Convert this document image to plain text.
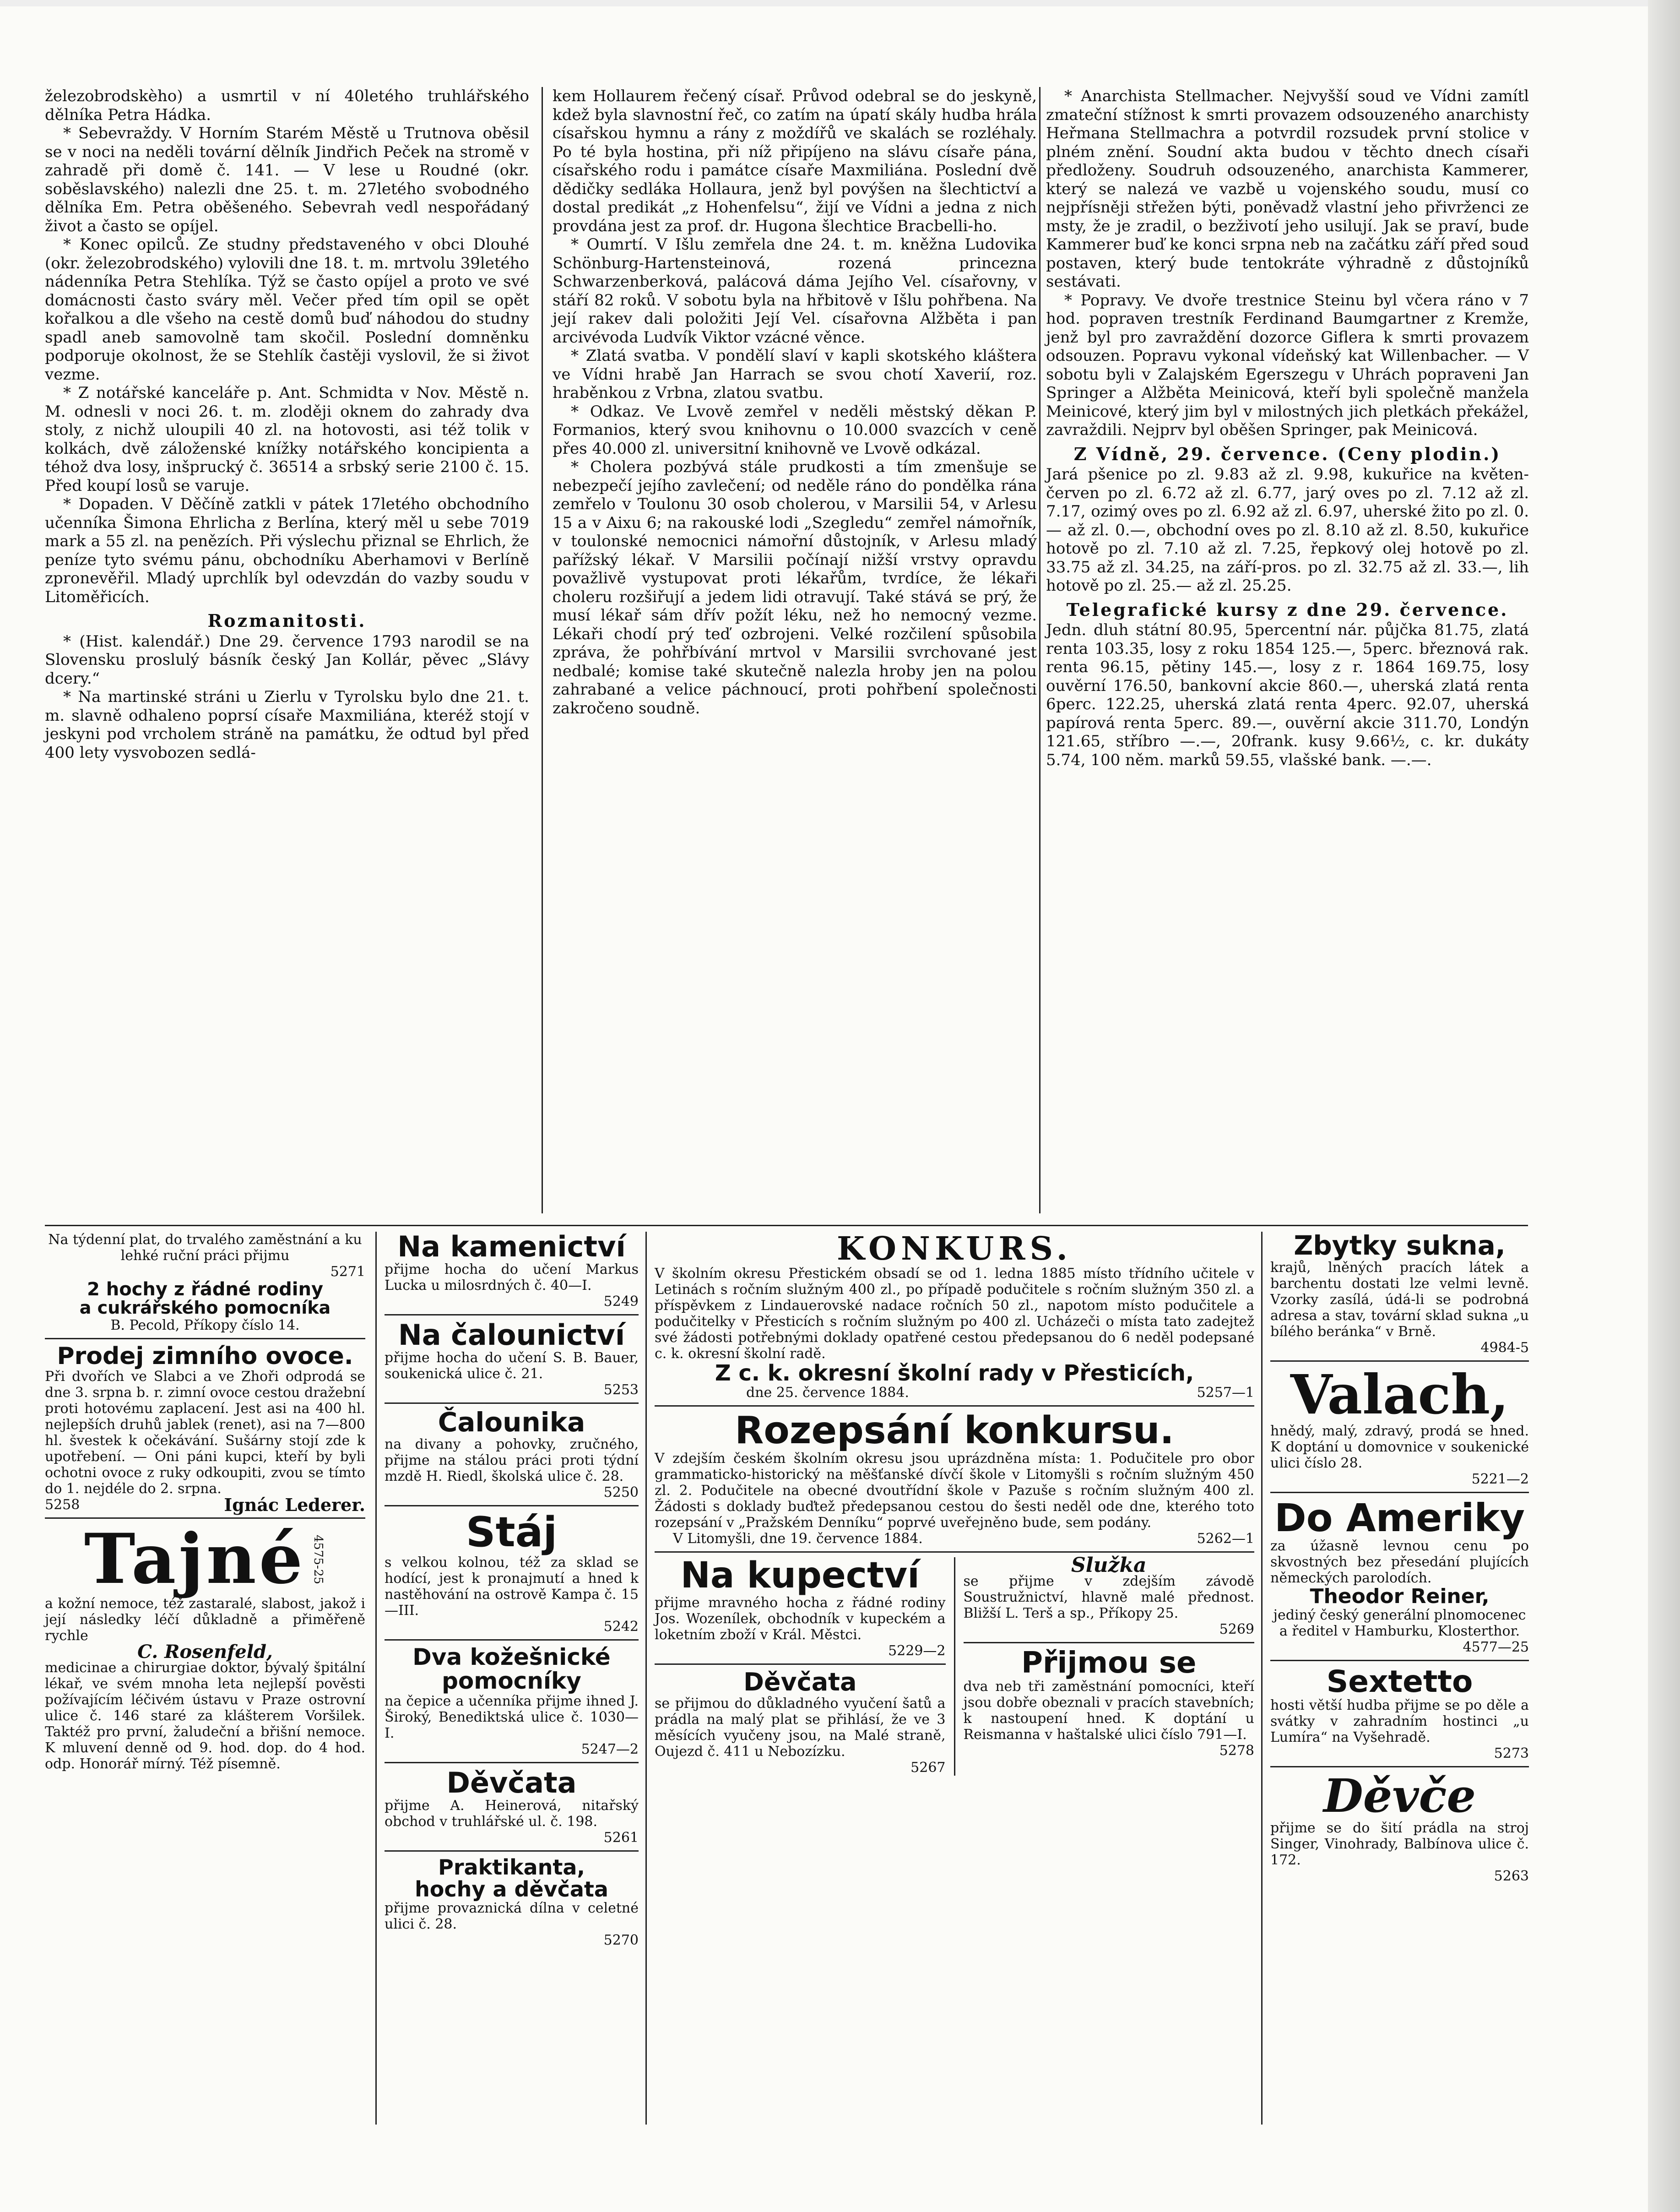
železobrodskèho) a usmrtil v ní 40letého truhlářského dělníka Petra Hádka.

* Sebevraždy. V Horním Starém Městě u Trutnova oběsil se v noci na neděli tovární dělník Jindřich Peček na stromě v zahradě při domě č. 141. — V lese u Roudné (okr. soběslavského) nalezli dne 25. t. m. 27letého svobodného dělníka Em. Petra oběšeného. Sebevrah vedl nespořádaný život a často se opíjel.

* Konec opilců. Ze studny představeného v obci Dlouhé (okr. železobrodského) vylovili dne 18. t. m. mrtvolu 39letého nádenníka Petra Stehlíka. Týž se často opíjel a proto ve své domácnosti často sváry měl. Večer před tím opil se opět kořalkou a dle všeho na cestě domů buď náhodou do studny spadl aneb samovolně tam skočil. Poslední domněnku podporuje okolnost, že se Stehlík častěji vyslovil, že si život vezme.

* Z notářské kanceláře p. Ant. Schmidta v Nov. Městě n. M. odnesli v noci 26. t. m. zloději oknem do zahrady dva stoly, z nichž uloupili 40 zl. na hotovosti, asi též tolik v kolkách, dvě záloženské knížky notářského koncipienta a téhož dva losy, inšprucký č. 36514 a srbský serie 2100 č. 15. Před koupí losů se varuje.

* Dopaden. V Děčíně zatkli v pátek 17letého obchodního učenníka Šimona Ehrlicha z Berlína, který měl u sebe 7019 mark a 55 zl. na penězích. Při výslechu přiznal se Ehrlich, že peníze tyto svému pánu, obchodníku Aberhamovi v Berlíně zpronevěřil. Mladý uprchlík byl odevzdán do vazby soudu v Litoměřicích.

Rozmanitosti.

* (Hist. kalendář.) Dne 29. července 1793 narodil se na Slovensku proslulý básník český Jan Kollár, pěvec „Slávy dcery.“

* Na martinské stráni u Zierlu v Tyrolsku bylo dne 21. t. m. slavně odhaleno poprsí císaře Maxmiliána, kteréž stojí v jeskyni pod vrcholem stráně na památku, že odtud byl před 400 lety vysvobozen sedlá-

kem Hollaurem řečený císař. Průvod odebral se do jeskyně, kdež byla slavnostní řeč, co zatím na úpatí skály hudba hrála císařskou hymnu a rány z moždířů ve skalách se rozléhaly. Po té byla hostina, při níž připíjeno na slávu císaře pána, císařského rodu i památce císaře Maxmiliána. Poslední dvě dědičky sedláka Hollaura, jenž byl povýšen na šlechtictví a dostal predikát „z Hohenfelsu“, žijí ve Vídni a jedna z nich provdána jest za prof. dr. Hugona šlechtice Bracbelli-ho.

* Oumrtí. V Išlu zemřela dne 24. t. m. kněžna Ludovika Schönburg-Hartensteinová, rozená princezna Schwarzenberková, palácová dáma Jejího Vel. císařovny, v stáří 82 roků. V sobotu byla na hřbitově v Išlu pohřbena. Na její rakev dali položiti Její Vel. císařovna Alžběta i pan arcivévoda Ludvík Viktor vzácné věnce.

* Zlatá svatba. V pondělí slaví v kapli skotského kláštera ve Vídni hrabě Jan Harrach se svou chotí Xaverií, roz. hraběnkou z Vrbna, zlatou svatbu.

* Odkaz. Ve Lvově zemřel v neděli městský děkan P. Formanios, který svou knihovnu o 10.000 svazcích v ceně přes 40.000 zl. universitní knihovně ve Lvově odkázal.

* Cholera pozbývá stále prudkosti a tím zmenšuje se nebezpečí jejího zavlečení; od neděle ráno do pondělka rána zemřelo v Toulonu 30 osob cholerou, v Marsilii 54, v Arlesu 15 a v Aixu 6; na rakouské lodi „Szegledu“ zemřel námořník, v toulonské nemocnici námořní důstojník, v Arlesu mladý pařížský lékař. V Marsilii počínají nižší vrstvy opravdu považlivě vystupovat proti lékařům, tvrdíce, že lékaři choleru rozšiřují a jedem lidi otravují. Také stává se prý, že musí lékař sám dřív požít léku, než ho nemocný vezme. Lékaři chodí prý teď ozbrojeni. Velké rozčilení spůsobila zpráva, že pohřbívání mrtvol v Marsilii svrchované jest nedbalé; komise také skutečně nalezla hroby jen na polou zahrabané a velice páchnoucí, proti pohřbení společnosti zakročeno soudně.

* Anarchista Stellmacher. Nejvyšší soud ve Vídni zamítl zmateční stížnost k smrti provazem odsouzeného anarchisty Heřmana Stellmachra a potvrdil rozsudek první stolice v plném znění. Soudní akta budou v těchto dnech císaři předloženy. Soudruh odsouzeného, anarchista Kammerer, který se nalezá ve vazbě u vojenského soudu, musí co nejpřísněji střežen býti, poněvadž vlastní jeho přivrženci ze msty, že je zradil, o bezživotí jeho usilují. Jak se praví, bude Kammerer buď ke konci srpna neb na začátku září před soud postaven, který bude tentokráte výhradně z důstojníků sestávati.

* Popravy. Ve dvoře trestnice Steinu byl včera ráno v 7 hod. popraven trestník Ferdinand Baumgartner z Kremže, jenž byl pro zavraždění dozorce Giflera k smrti provazem odsouzen. Popravu vykonal vídeňský kat Willenbacher. — V sobotu byli v Zalajském Egerszegu v Uhrách popraveni Jan Springer a Alžběta Meinicová, kteří byli společně manžela Meinicové, který jim byl v milostných jich pletkách překážel, zavraždili. Nejprv byl oběšen Springer, pak Meinicová.

Z Vídně, 29. července. (Ceny plodin.)

Jará pšenice po zl. 9.83 až zl. 9.98, kukuřice na květen-červen po zl. 6.72 až zl. 6.77, jarý oves po zl. 7.12 až zl. 7.17, ozimý oves po zl. 6.92 až zl. 6.97, uherské žito po zl. 0.— až zl. 0.—, obchodní oves po zl. 8.10 až zl. 8.50, kukuřice hotově po zl. 7.10 až zl. 7.25, řepkový olej hotově po zl. 33.75 až zl. 34.25, na září-pros. po zl. 32.75 až zl. 33.—, lih hotově po zl. 25.— až zl. 25.25.

Telegrafické kursy z dne 29. července.

Jedn. dluh státní 80.95, 5percentní nár. půjčka 81.75, zlatá renta 103.35, losy z roku 1854 125.—, 5perc. březnová rak. renta 96.15, pětiny 145.—, losy z r. 1864 169.75, losy ouvěrní 176.50, bankovní akcie 860.—, uherská zlatá renta 6perc. 122.25, uherská zlatá renta 4perc. 92.07, uherská papírová renta 5perc. 89.—, ouvěrní akcie 311.70, Londýn 121.65, stříbro —.—, 20frank. kusy 9.66½, c. kr. dukáty 5.74, 100 něm. marků 59.55, vlašské bank. —.—.

Na týdenní plat, do trvalého zaměstnání a ku lehké ruční práci přijmu
5271
2 hochy z řádné rodiny
a cukrářského pomocníka
B. Pecold, Příkopy číslo 14.
Prodej zimního ovoce.
Při dvořích ve Slabci a ve Zhoři odprodá se dne 3. srpna b. r. zimní ovoce cestou dražební proti hotovému zaplacení. Jest asi na 400 hl. nejlepších druhů jablek (renet), asi na 7—800 hl. švestek k očekávání. Sušárny stojí zde k upotřebení. — Oni páni kupci, kteří by byli ochotni ovoce z ruky odkoupiti, zvou se tímto do 1. nejdéle do 2. srpna.
5258	Ignác Lederer.
Tajné 4575-25
a kožní nemoce, též zastaralé, slabost, jakož i její následky léčí důkladně a přiměřeně rychle
C. Rosenfeld,
medicinae a chirurgiae doktor, bývalý špitální lékař, ve svém mnoha leta nejlepší pověsti požívajícím léčivém ústavu v Praze ostrovní ulice č. 146 staré za klášterem Voršilek. Taktéž pro první, žaludeční a břišní nemoce. K mluvení denně od 9. hod. dop. do 4 hod. odp. Honorář mírný. Též písemně.
Na kamenictví
přijme hocha do učení Markus Lucka u milosrdných č. 40—I.
5249
Na čalounictví
přijme hocha do učení S. B. Bauer, soukenická ulice č. 21.
5253
Čalounika
na divany a pohovky, zručného, přijme na stálou práci proti týdní mzdě H. Riedl, školská ulice č. 28.
5250
Stáj
s velkou kolnou, též za sklad se hodící, jest k pronajmutí a hned k nastěhování na ostrově Kampa č. 15—III.
5242
Dva kožešnické pomocníky
na čepice a učenníka přijme ihned J. Široký, Benediktská ulice č. 1030—I.
5247—2
Děvčata
přijme A. Heinerová, nitařský obchod v truhlářské ul. č. 198.
5261
Praktikanta,
hochy a děvčata
přijme provaznická dílna v celetné ulici č. 28.
5270
KONKURS.
V školním okresu Přestickém obsadí se od 1. ledna 1885 místo třídního učitele v Letinách s ročním služným 400 zl., po případě podučitele s ročním služným 350 zl. a příspěvkem z Lindauerovské nadace ročních 50 zl., napotom místo podučitele a podučitelky v Přesticích s ročním služným po 400 zl. Ucházeči o místa tato zadejtež své žádosti potřebnými doklady opatřené cestou předepsanou do 6 neděl podepsané c. k. okresní školní radě.
Z c. k. okresní školní rady v Přesticích,
dne 25. července 1884.	5257—1
Rozepsání konkursu.
V zdejším českém školním okresu jsou uprázdněna místa: 1. Podučitele pro obor grammaticko-historický na měšťanské dívčí škole v Litomyšli s ročním služným 450 zl. 2. Podučitele na obecné dvoutřídní škole v Pazuše s ročním služným 400 zl. Žádosti s doklady buďtež předepsanou cestou do šesti neděl ode dne, kterého toto rozepsání v „Pražském Denníku“ poprvé uveřejněno bude, sem podány.
V Litomyšli, dne 19. července 1884.	5262—1
Na kupectví
přijme mravného hocha z řádné rodiny Jos. Wozenílek, obchodník v kupeckém a loketním zboží v Král. Městci.
5229—2
Děvčata
se přijmou do důkladného vyučení šatů a prádla na malý plat se přihlásí, že ve 3 měsících vyučeny jsou, na Malé straně, Oujezd č. 411 u Nebozízku.
5267
Služka
se přijme v zdejším závodě Soustružnictví, hlavně malé přednost. Bližší L. Terš a sp., Příkopy 25.
5269
Přijmou se
dva neb tři zaměstnání pomocníci, kteří jsou dobře obeznali v pracích stavebních; k nastoupení hned. K doptání u Reismanna v haštalské ulici číslo 791—I.
5278
Zbytky sukna,
krajů, lněných pracích látek a barchentu dostati lze velmi levně. Vzorky zasílá, údá-li se podrobná adresa a stav, tovární sklad sukna „u bílého beránka“ v Brně.
4984-5
Valach,
hnědý, malý, zdravý, prodá se hned. K doptání u domovnice v soukenické ulici číslo 28.
5221—2
Do Ameriky
za úžasně levnou cenu po skvostných bez přesedání plujících německých parolodích.
Theodor Reiner,
jediný český generální plnomocenec a ředitel v Hamburku, Klosterthor.
4577—25
Sextetto
hosti větší hudba přijme se po děle a svátky v zahradním hostinci „u Lumíra“ na Vyšehradě.
5273
Děvče
přijme se do šití prádla na stroj Singer, Vinohrady, Balbínova ulice č. 172.
5263
